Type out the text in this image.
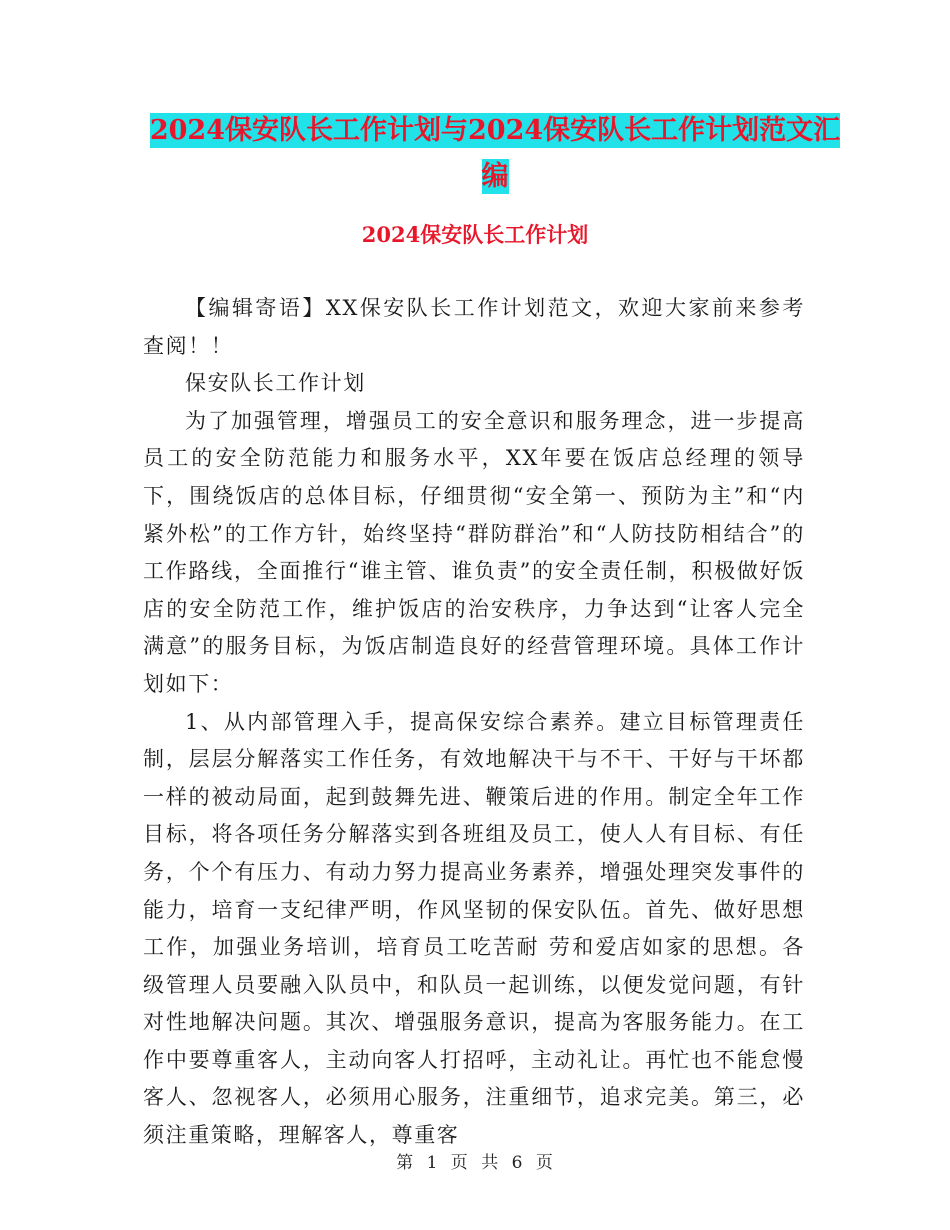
2024保安队长工作计划与2024保安队长工作计划范文汇编
2024保安队长工作计划

【编辑寄语】XX保安队长工作计划范文，欢迎大家前来参考查阅！！

保安队长工作计划

为了加强管理，增强员工的安全意识和服务理念，进一步提高员工的安全防范能力和服务水平，XX年要在饭店总经理的领导下，围绕饭店的总体目标，仔细贯彻“安全第一、预防为主”和“内紧外松”的工作方针，始终坚持“群防群治”和“人防技防相结合”的工作路线，全面推行“谁主管、谁负责”的安全责任制，积极做好饭店的安全防范工作，维护饭店的治安秩序，力争达到“让客人完全满意”的服务目标，为饭店制造良好的经营管理环境。具体工作计划如下：

1、从内部管理入手，提高保安综合素养。建立目标管理责任制，层层分解落实工作任务，有效地解决干与不干、干好与干坏都一样的被动局面，起到鼓舞先进、鞭策后进的作用。制定全年工作目标，将各项任务分解落实到各班组及员工，使人人有目标、有任务，个个有压力、有动力努力提高业务素养，增强处理突发事件的能力，培育一支纪律严明，作风坚韧的保安队伍。首先、做好思想工作，加强业务培训，培育员工吃苦耐 劳和爱店如家的思想。各级管理人员要融入队员中，和队员一起训练，以便发觉问题，有针对性地解决问题。其次、增强服务意识，提高为客服务能力。在工作中要尊重客人，主动向客人打招呼，主动礼让。再忙也不能怠慢客人、忽视客人，必须用心服务，注重细节，追求完美。第三，必须注重策略，理解客人，尊重客

第 1 页 共 6 页
